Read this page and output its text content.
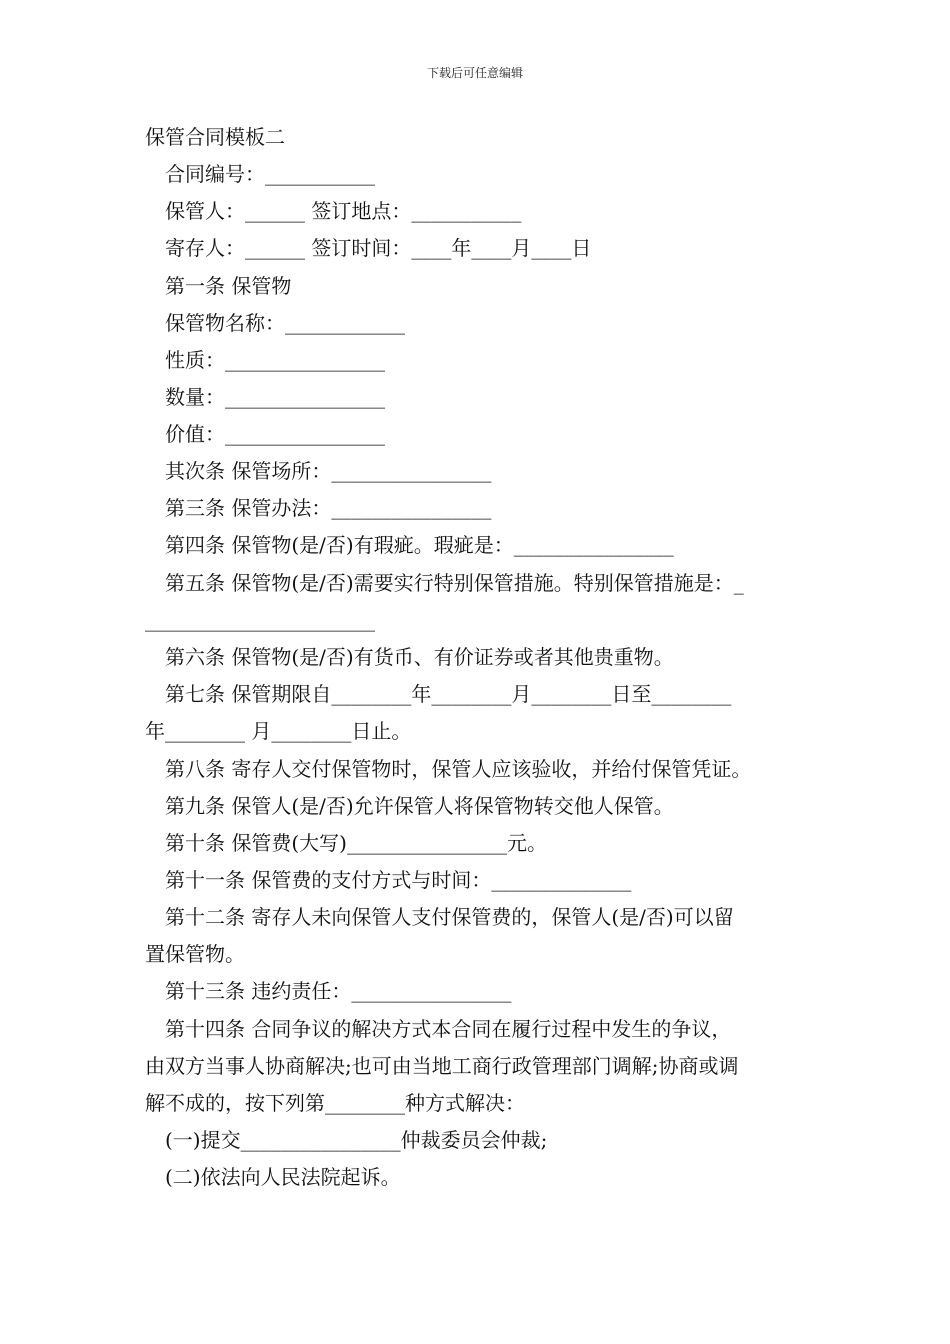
下载后可任意编辑
保管合同模板二
合同编号：___________
保管人：______ 签订地点：___________
寄存人：______ 签订时间：____年____月____日
第一条 保管物
保管物名称：____________
性质：________________
数量：________________
价值：________________
其次条 保管场所：________________
第三条 保管办法：________________
第四条 保管物(是/否)有瑕疵。瑕疵是：________________
第五条 保管物(是/否)需要实行特别保管措施。特别保管措施是：_
_______________________
第六条 保管物(是/否)有货币、有价证券或者其他贵重物。
第七条 保管期限自________年________月________日至________
年________ 月________日止。
第八条 寄存人交付保管物时，保管人应该验收，并给付保管凭证。
第九条 保管人(是/否)允许保管人将保管物转交他人保管。
第十条 保管费(大写)________________元。
第十一条 保管费的支付方式与时间：______________
第十二条 寄存人未向保管人支付保管费的，保管人(是/否)可以留
置保管物。
第十三条 违约责任：________________
第十四条 合同争议的解决方式本合同在履行过程中发生的争议，
由双方当事人协商解决;也可由当地工商行政管理部门调解;协商或调
解不成的，按下列第________种方式解决：
(一)提交________________仲裁委员会仲裁;
(二)依法向人民法院起诉。
